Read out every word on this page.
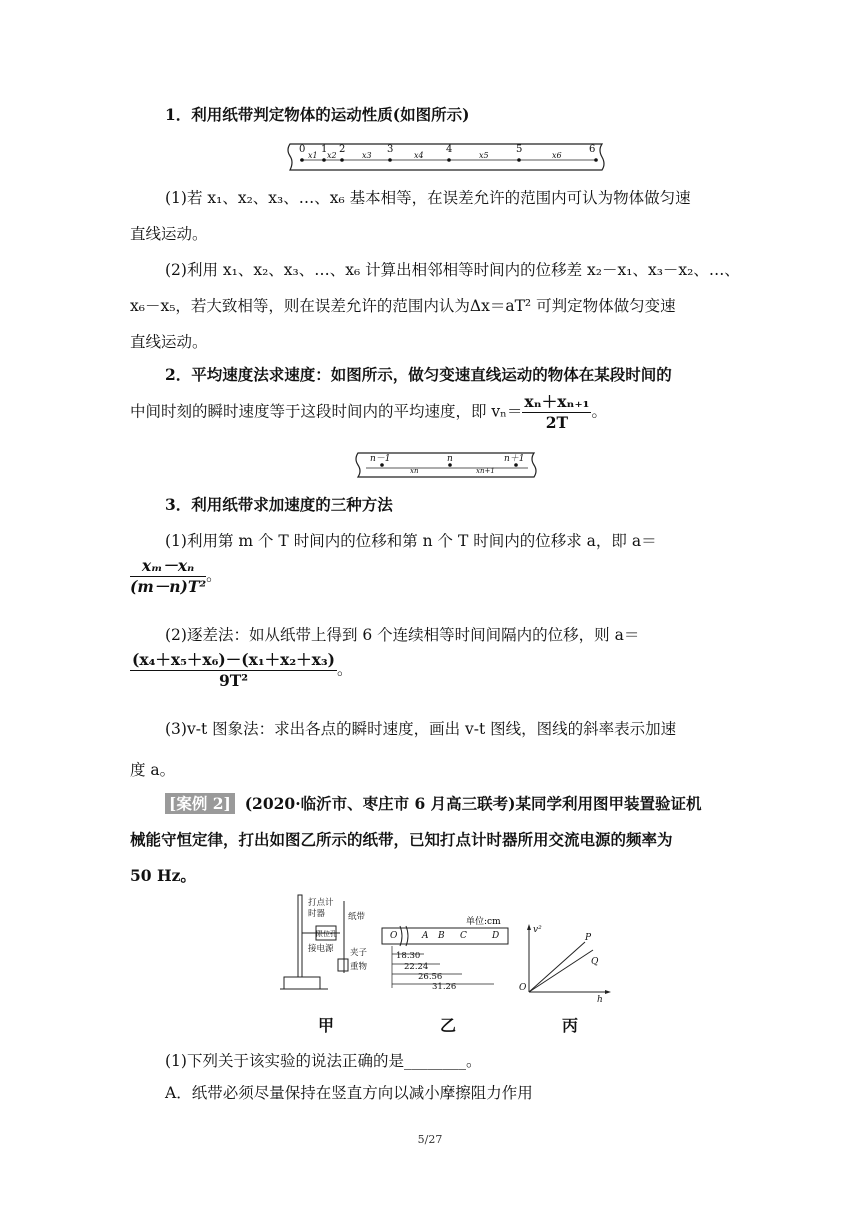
1．利用纸带判定物体的运动性质(如图所示)
0 1 2	3	4	5	6
x1 x2	x3	x4	x5	x6
(1)若 x₁、x₂、x₃、…、x₆ 基本相等，在误差允许的范围内可认为物体做匀速
直线运动。
(2)利用 x₁、x₂、x₃、…、x₆ 计算出相邻相等时间内的位移差 x₂－x₁、x₃－x₂、…、
x₆－x₅，若大致相等，则在误差允许的范围内认为Δx＝aT² 可判定物体做匀变速
直线运动。
2．平均速度法求速度：如图所示，做匀变速直线运动的物体在某段时间的
中间时刻的瞬时速度等于这段时间内的平均速度，即 $v_n= \frac{\text{xₙ＋xₙ₊₁}}{2T}$ 。
n－1	n	n＋1
xn	xn+1
3．利用纸带求加速度的三种方法
(1)利用第 m 个 T 时间内的位移和第 n 个 T 时间内的位移求 a，即 a＝
$\frac{\text{xₘ－xₙ}}{\text{(m－n)T²}}$ 。
(2)逐差法：如从纸带上得到 6 个连续相等时间间隔内的位移，则 a＝
$\frac{\text{(x₄＋x₅＋x₆)－(x₁＋x₂＋x₃)}}{\text{9T²}}$ 。
(3)v-t 图象法：求出各点的瞬时速度，画出 v-t 图线，图线的斜率表示加速
度 a。
[案例 2] (2020·临沂市、枣庄市 6 月高三联考)某同学利用图甲装置验证机
械能守恒定律，打出如图乙所示的纸带，已知打点计时器所用交流电源的频率为
50 Hz。
打点计
时器	纸带
限位孔
接电源 夹子
重物
O	A B C	D
单位:cm
18.30
22.24
26.56
31.26
v²
h
O
P
Q
甲	乙	丙
(1)下列关于该实验的说法正确的是________。
A．纸带必须尽量保持在竖直方向以减小摩擦阻力作用
5/27
